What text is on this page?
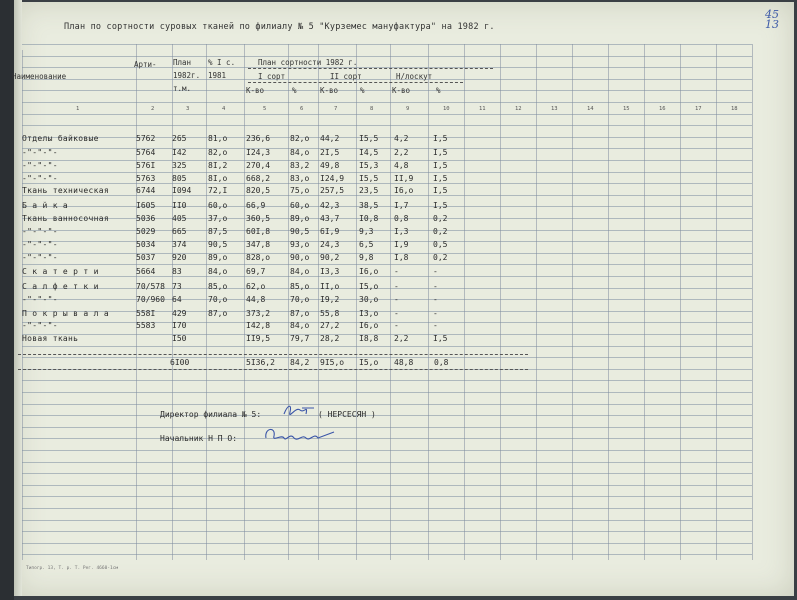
45
13
План по сортности суровых тканей по филиалу № 5 "Курземес мануфактура" на 1982 г.
Наименование
Арти- План
1982г.
т.м.
% I с.
1981
План сортности 1982 г.
I сорт	II сорт	Н/лоскут
К-во	%	К-во	%	К-во	%
1	2	3	4	5	6	7	8	9	10	11	12	13	14	15	16	17	18
Отделы байковые	5762 265	81,о 236,6 82,о 44,2 I5,5 4,2	I,5
-"-"-"-	5764 I42	82,о I24,3 84,о 2I,5 I4,5 2,2	I,5
-"-"-"-	576I 325	8I,2 270,4 83,2 49,8 I5,3 4,8	I,5
-"-"-"-	5763 805	8I,о 668,2 83,о I24,9 I5,5 II,9 I,5
Ткань техническая	6744 I094 72,I 820,5 75,о 257,5 23,5 I6,о I,5
Б а й к а	I605 II0	60,о 66,9	60,о 42,3 38,5 I,7	I,5
Ткань ванносочная	5036 405	37,о 360,5 89,о 43,7 I0,8 0,8	0,2
-"-"-"-	5029 665	87,5 60I,8 90,5 6I,9 9,3	I,3	0,2
-"-"-"-	5034 374	90,5 347,8 93,о 24,3 6,5	I,9	0,5
-"-"-"-	5037 920	89,о 828,о 90,о 90,2 9,8	I,8	0,2
С к а т е р т и	5664 83	84,о 69,7	84,о I3,3 I6,о -	-
С а л ф е т к и	70/578 73	85,о 62,о	85,о II,о I5,о -	-
-"-"-"-	70/960 64	70,о 44,8	70,о I9,2 30,о -	-
П о к р ы в а л а	558I 429	87,о 373,2 87,о 55,8 I3,о -	-
-"-"-"-	5583 I70	I42,8 84,о 27,2 I6,о -	-
Новая ткань	I50	II9,5 79,7 28,2 I8,8 2,2	I,5
6I00	5I36,2 84,2 9I5,о I5,о 48,8	0,8
Директор филиала № 5:	( НЕРСЕСЯН )
Начальник Н П О:
Типогр. 13, Т. р. Т. Рег. 4660-1см
